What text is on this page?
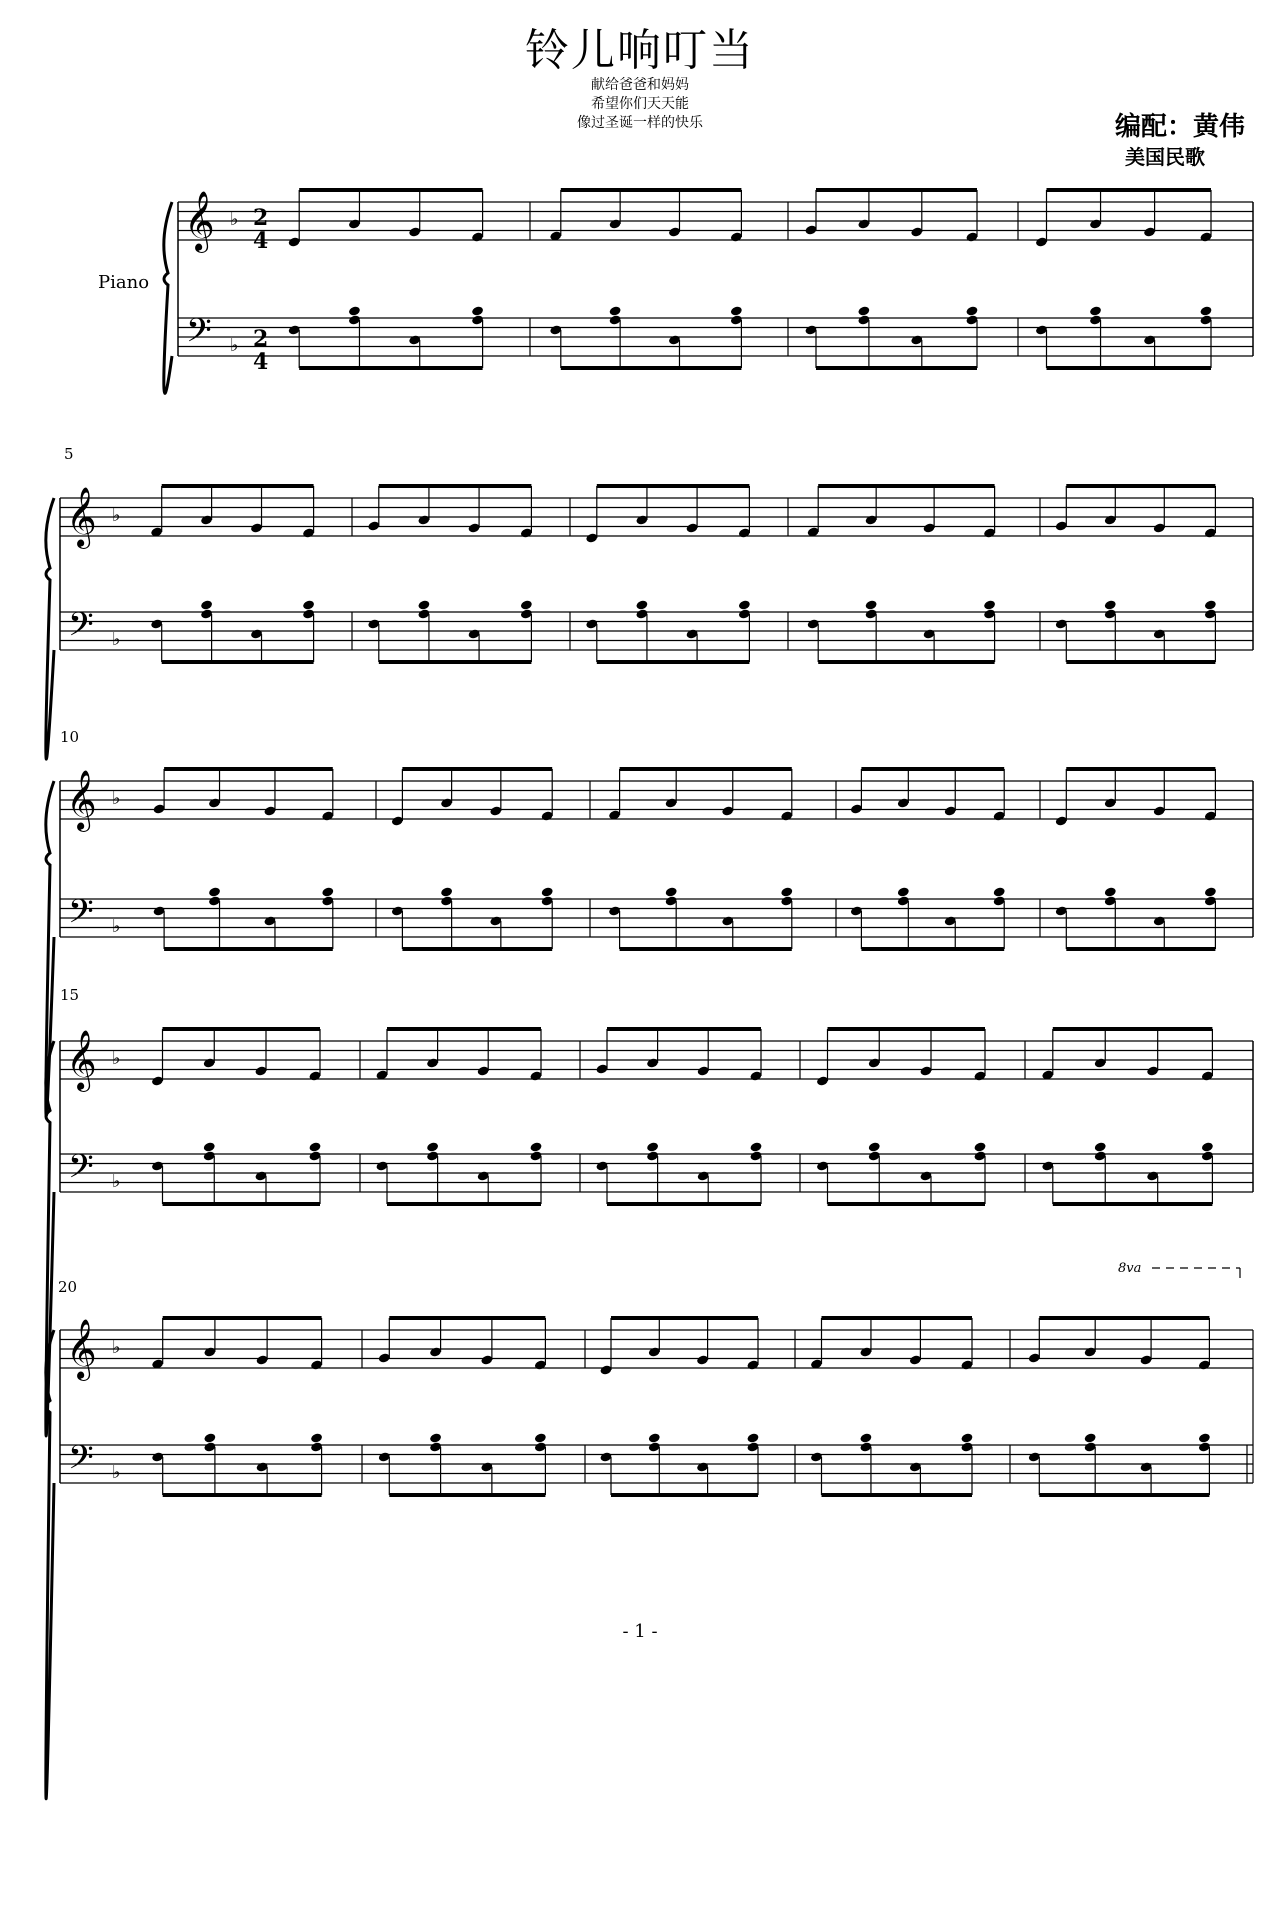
铃儿响叮当
献给爸爸和妈妈
希望你们天天能
像过圣诞一样的快乐	编配：黄伟
美国民歌
Piano
𝄞
𝄢
♭
♭
𝄞
𝄢
♭
♭
𝄞
𝄢
♭
♭
𝄞
𝄢
♭
♭
𝄞
𝄢
♭
♭
5
10
15
20
8va
2
4
2
4
- 1 -
